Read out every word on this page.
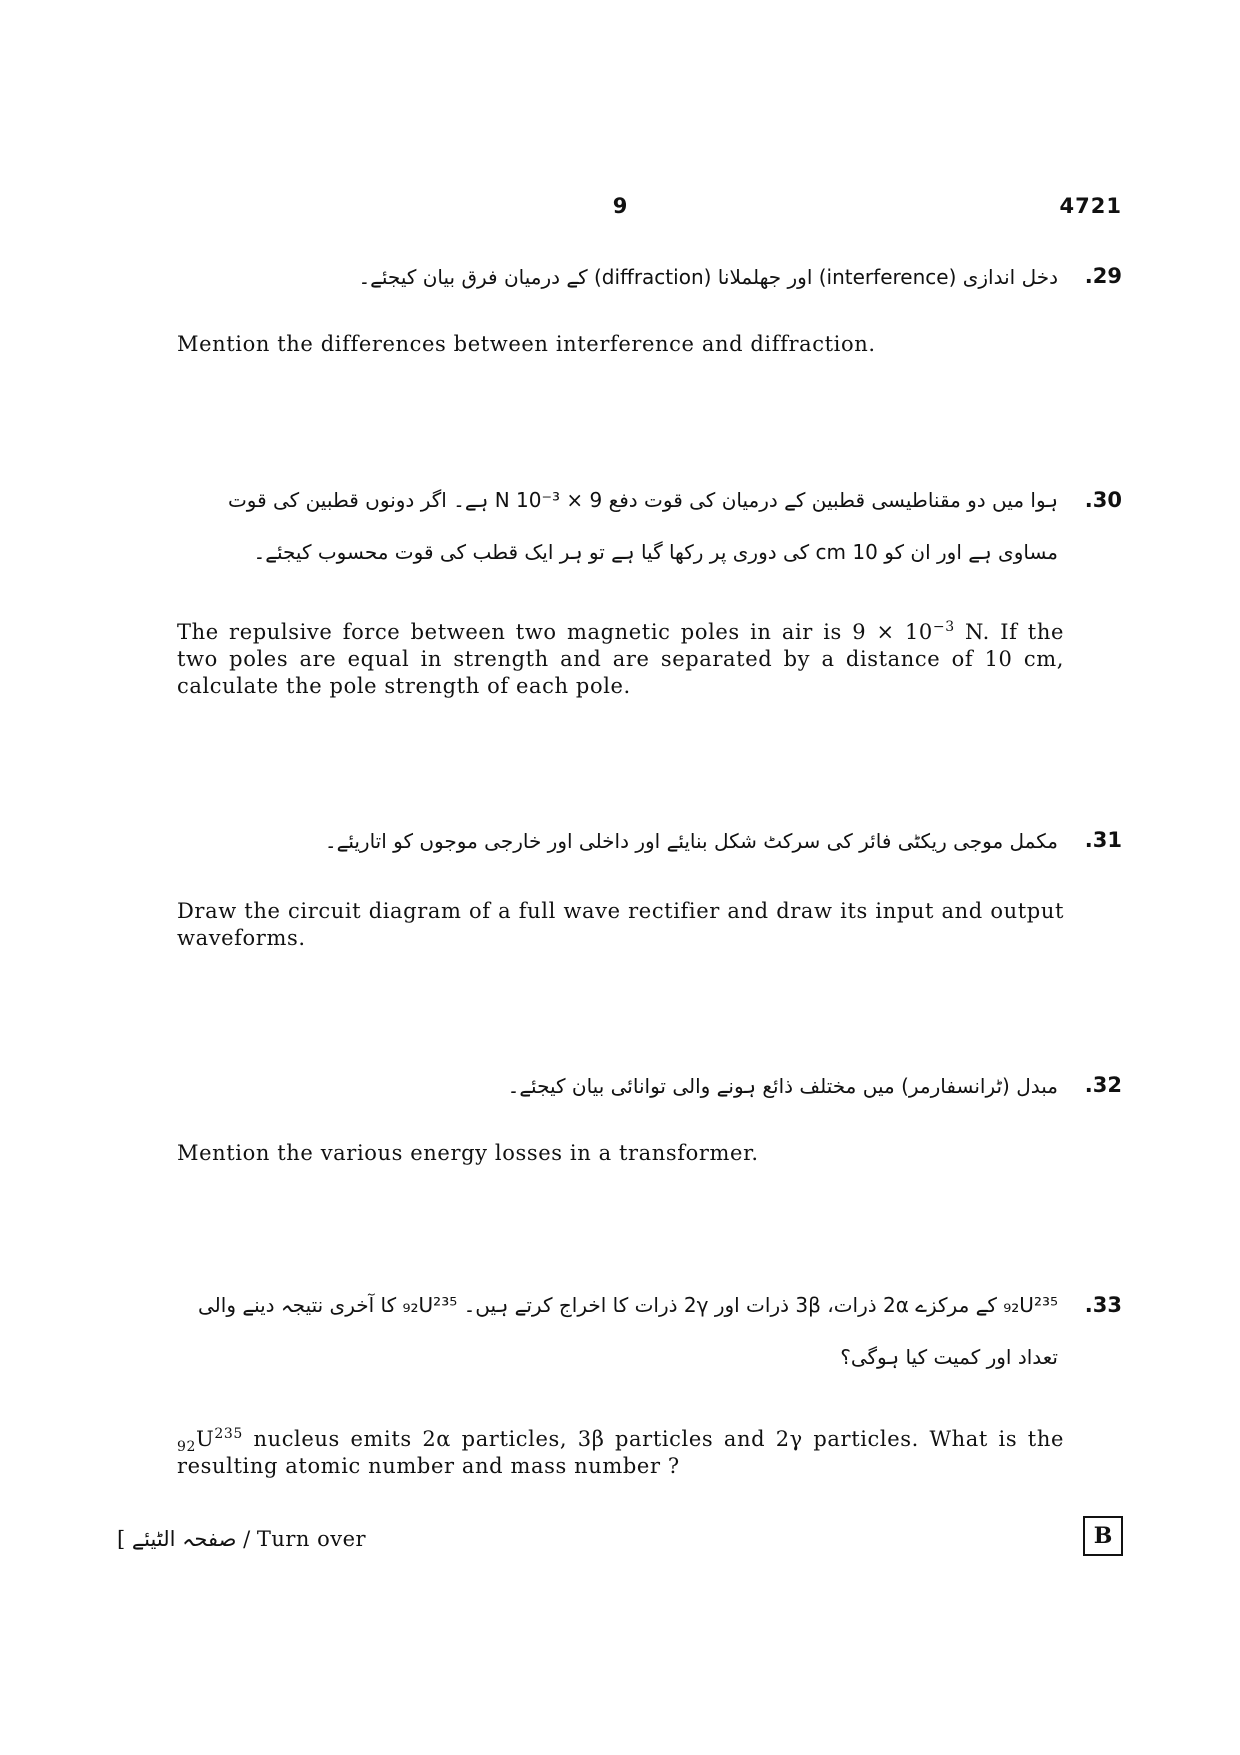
9	4721
.29
دخل اندازی (interference) اور جھلملانا (diffraction) کے درمیان فرق بیان کیجئے۔
Mention the differences between interference and diffraction.
.30
ہوا میں دو مقناطیسی قطبین کے درمیان کی قوت دفع N 10⁻³ × 9 ہے۔ اگر دونوں قطبین کی قوت مساوی ہے اور ان کو 10 cm کی دوری پر رکھا گیا ہے تو ہر ایک قطب کی قوت محسوب کیجئے۔
The repulsive force between two magnetic poles in air is $9 \times 10^{-3}$ N. If the two poles are equal in strength and are separated by a distance of 10 cm, calculate the pole strength of each pole.
.31
مکمل موجی ریکٹی فائر کی سرکٹ شکل بنایئے اور داخلی اور خارجی موجوں کو اتاریئے۔
Draw the circuit diagram of a full wave rectifier and draw its input and output waveforms.
.32
مبدل (ٹرانسفارمر) میں مختلف ذائع ہونے والی توانائی بیان کیجئے۔
Mention the various energy losses in a transformer.
.33
₉₂U²³⁵ کے مرکزے 2α ذرات، 3β ذرات اور 2γ ذرات کا اخراج کرتے ہیں۔ ₉₂U²³⁵ کا آخری نتیجہ دینے والی تعداد اور کمیت کیا ہوگی؟
$_{92}U^{235}$ nucleus emits 2α particles, 3β particles and 2γ particles. What is the resulting atomic number and mass number ?
[ صفحہ الٹیئے / Turn over	B
